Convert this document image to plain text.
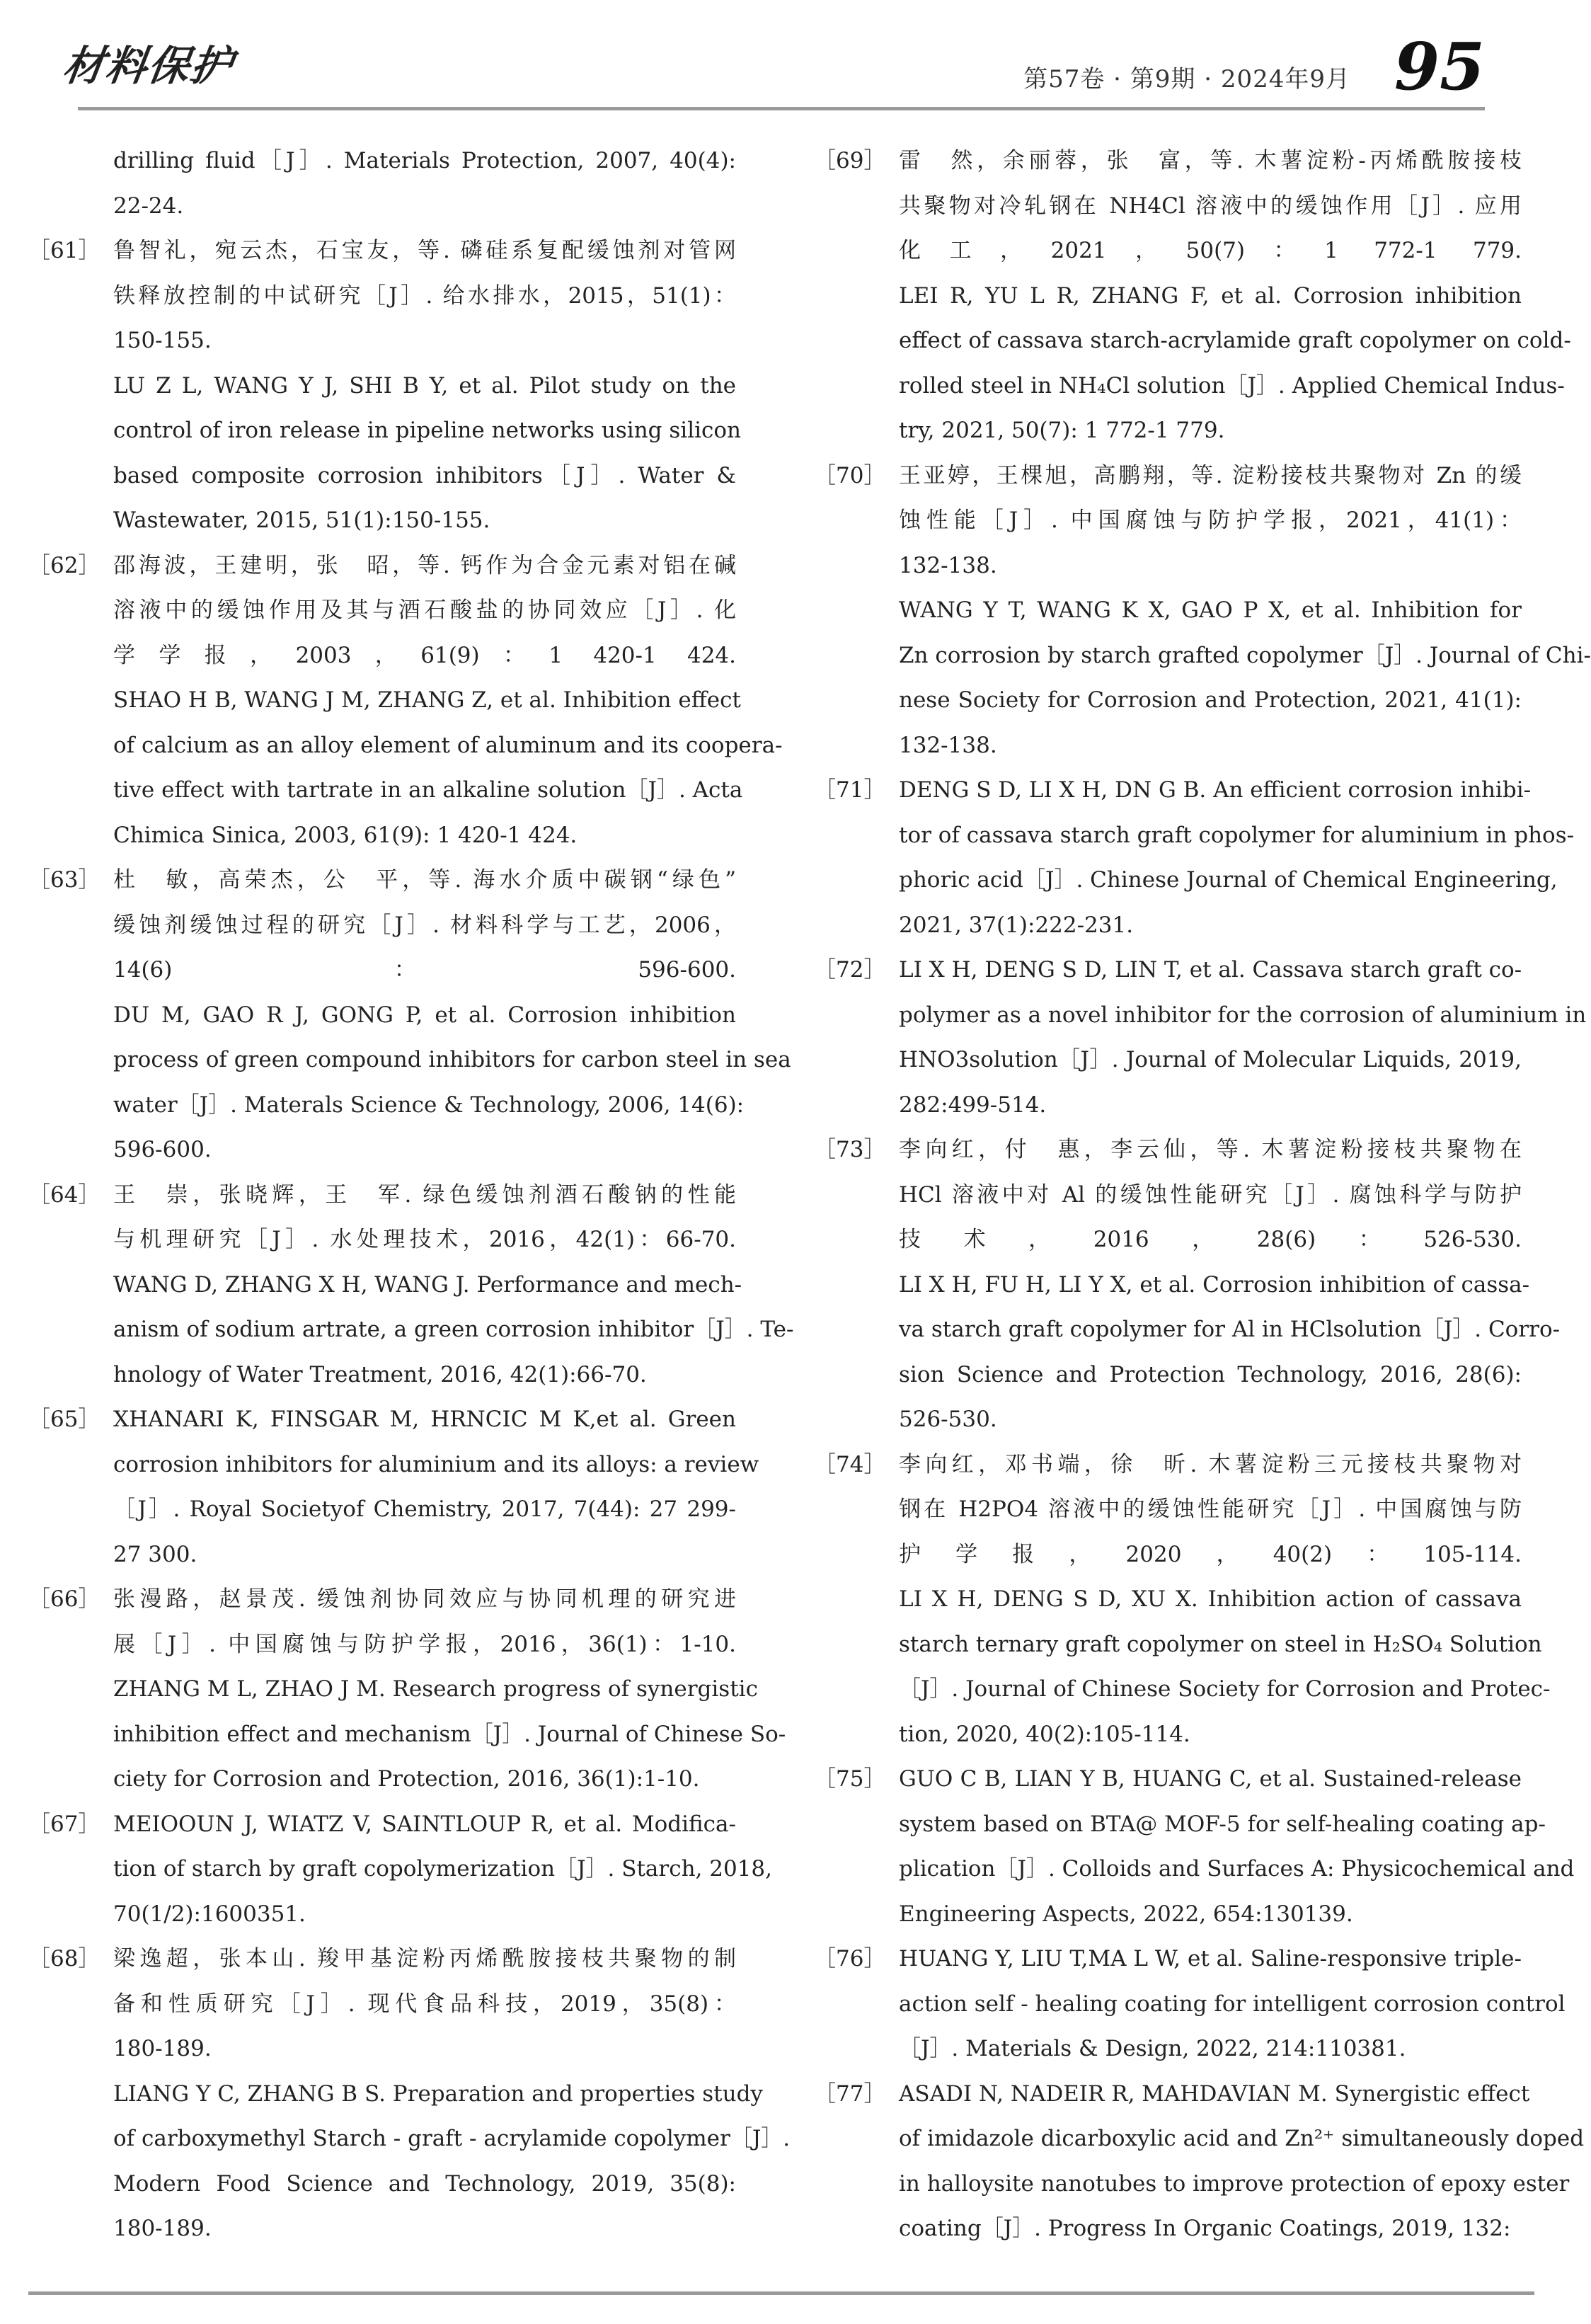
材料保护	第57卷 · 第9期 · 2024年9月 95
drilling fluid［J］. Materials Protection, 2007, 40(4):
22-24.
［61］ 鲁智礼，宛云杰，石宝友，等. 磷硅系复配缓蚀剂对管网
铁释放控制的中试研究［J］. 给水排水，2015，51(1)：
150-155.
LU Z L, WANG Y J, SHI B Y, et al. Pilot study on the
control of iron release in pipeline networks using silicon
based composite corrosion inhibitors［J］. Water &
Wastewater, 2015, 51(1):150-155.
［62］ 邵海波，王建明，张　昭，等. 钙作为合金元素对铝在碱
溶液中的缓蚀作用及其与酒石酸盐的协同效应［J］. 化
学学报，2003，61(9)：1 420-1 424.
SHAO H B, WANG J M, ZHANG Z, et al. Inhibition effect
of calcium as an alloy element of aluminum and its coopera-
tive effect with tartrate in an alkaline solution［J］. Acta
Chimica Sinica, 2003, 61(9): 1 420-1 424.
［63］ 杜　敏，高荣杰，公　平，等. 海水介质中碳钢“绿色”
缓蚀剂缓蚀过程的研究［J］. 材料科学与工艺，2006，
14(6)：596-600.
DU M, GAO R J, GONG P, et al. Corrosion inhibition
process of green compound inhibitors for carbon steel in sea
water［J］. Materals Science & Technology, 2006, 14(6):
596-600.
［64］ 王　崇，张晓辉，王　军. 绿色缓蚀剂酒石酸钠的性能
与机理研究［J］. 水处理技术，2016，42(1)：66-70.
WANG D, ZHANG X H, WANG J. Performance and mech-
anism of sodium artrate, a green corrosion inhibitor［J］. Te-
hnology of Water Treatment, 2016, 42(1):66-70.
［65］ XHANARI K, FINSGAR M, HRNCIC M K,et al. Green
corrosion inhibitors for aluminium and its alloys: a review
［J］. Royal Societyof Chemistry, 2017, 7(44): 27 299-
27 300.
［66］ 张漫路，赵景茂. 缓蚀剂协同效应与协同机理的研究进
展［J］. 中国腐蚀与防护学报，2016，36(1)：1-10.
ZHANG M L, ZHAO J M. Research progress of synergistic
inhibition effect and mechanism［J］. Journal of Chinese So-
ciety for Corrosion and Protection, 2016, 36(1):1-10.
［67］ MEIOOUN J, WIATZ V, SAINTLOUP R, et al. Modifica-
tion of starch by graft copolymerization［J］. Starch, 2018,
70(1/2):1600351.
［68］ 梁逸超，张本山. 羧甲基淀粉丙烯酰胺接枝共聚物的制
备和性质研究［J］. 现代食品科技，2019，35(8)：
180-189.
LIANG Y C, ZHANG B S. Preparation and properties study
of carboxymethyl Starch - graft - acrylamide copolymer［J］.
Modern Food Science and Technology, 2019, 35(8):
180-189.
［69］ 雷　然，余丽蓉，张　富，等. 木薯淀粉-丙烯酰胺接枝
共聚物对冷轧钢在 NH4Cl 溶液中的缓蚀作用［J］. 应用
化工，2021，50(7)：1 772-1 779.
LEI R, YU L R, ZHANG F, et al. Corrosion inhibition
effect of cassava starch-acrylamide graft copolymer on cold-
rolled steel in NH₄Cl solution［J］. Applied Chemical Indus-
try, 2021, 50(7): 1 772-1 779.
［70］ 王亚婷，王棵旭，高鹏翔，等. 淀粉接枝共聚物对 Zn 的缓
蚀性能［J］. 中国腐蚀与防护学报，2021，41(1)：
132-138.
WANG Y T, WANG K X, GAO P X, et al. Inhibition for
Zn corrosion by starch grafted copolymer［J］. Journal of Chi-
nese Society for Corrosion and Protection, 2021, 41(1):
132-138.
［71］ DENG S D, LI X H, DN G B. An efficient corrosion inhibi-
tor of cassava starch graft copolymer for aluminium in phos-
phoric acid［J］. Chinese Journal of Chemical Engineering,
2021, 37(1):222-231.
［72］ LI X H, DENG S D, LIN T, et al. Cassava starch graft co-
polymer as a novel inhibitor for the corrosion of aluminium in
HNO3solution［J］. Journal of Molecular Liquids, 2019,
282:499-514.
［73］ 李向红，付　惠，李云仙，等. 木薯淀粉接枝共聚物在
HCl 溶液中对 Al 的缓蚀性能研究［J］. 腐蚀科学与防护
技术，2016，28(6)：526-530.
LI X H, FU H, LI Y X, et al. Corrosion inhibition of cassa-
va starch graft copolymer for Al in HClsolution［J］. Corro-
sion Science and Protection Technology, 2016, 28(6):
526-530.
［74］ 李向红，邓书端，徐　昕. 木薯淀粉三元接枝共聚物对
钢在 H2PO4 溶液中的缓蚀性能研究［J］. 中国腐蚀与防
护学报，2020，40(2)：105-114.
LI X H, DENG S D, XU X. Inhibition action of cassava
starch ternary graft copolymer on steel in H₂SO₄ Solution
［J］. Journal of Chinese Society for Corrosion and Protec-
tion, 2020, 40(2):105-114.
［75］ GUO C B, LIAN Y B, HUANG C, et al. Sustained-release
system based on BTA@ MOF-5 for self-healing coating ap-
plication［J］. Colloids and Surfaces A: Physicochemical and
Engineering Aspects, 2022, 654:130139.
［76］ HUANG Y, LIU T,MA L W, et al. Saline-responsive triple-
action self - healing coating for intelligent corrosion control
［J］. Materials & Design, 2022, 214:110381.
［77］ ASADI N, NADEIR R, MAHDAVIAN M. Synergistic effect
of imidazole dicarboxylic acid and Zn²⁺ simultaneously doped
in halloysite nanotubes to improve protection of epoxy ester
coating［J］. Progress In Organic Coatings, 2019, 132:
